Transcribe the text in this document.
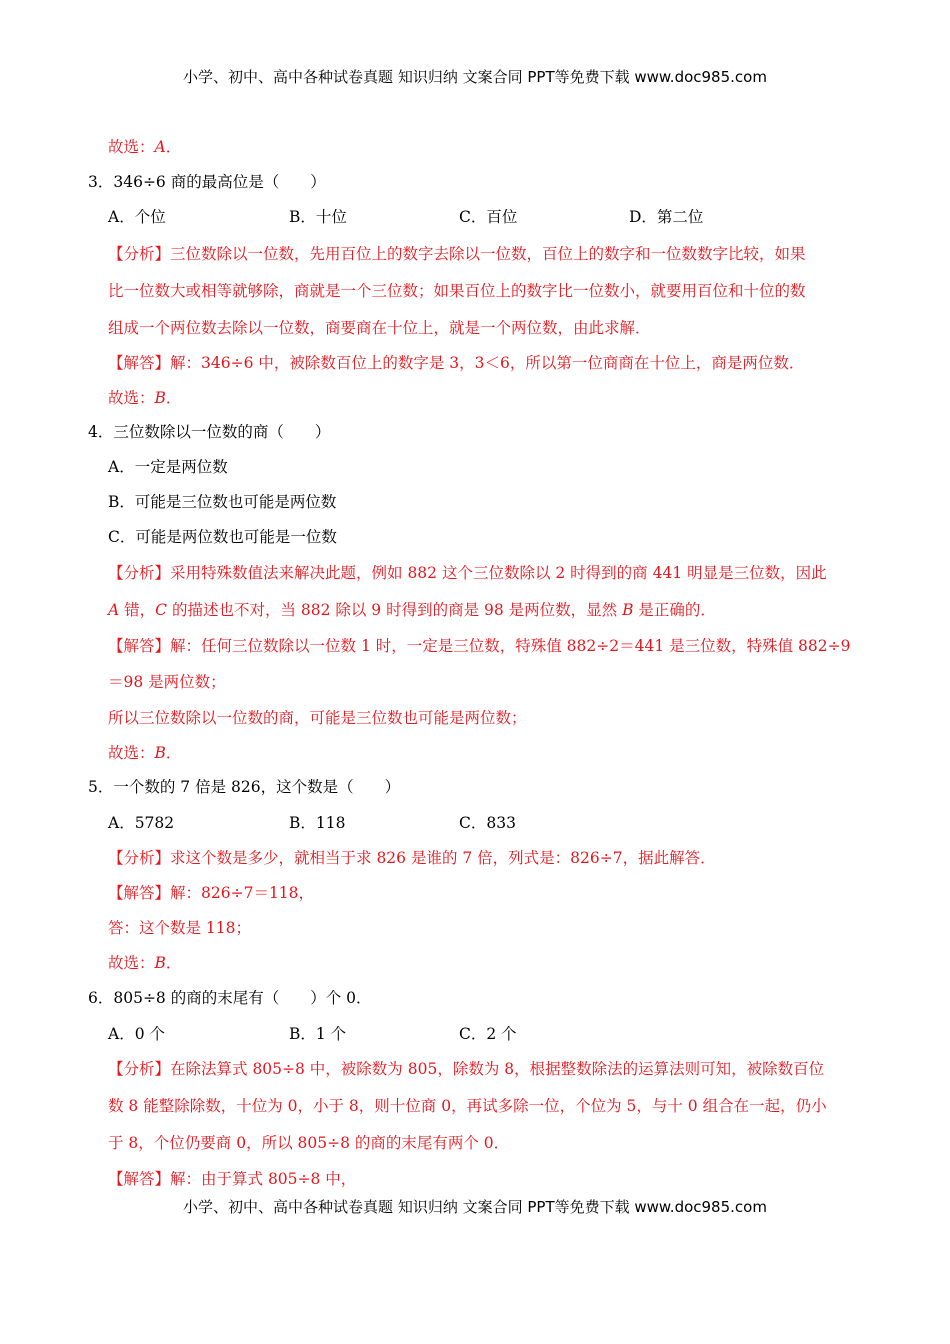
小学、初中、高中各种试卷真题 知识归纳 文案合同 PPT等免费下载 www.doc985.com
故选：A．
3．346÷6 商的最高位是（　　）
A．个位	B．十位	C．百位	D．第二位
【分析】三位数除以一位数，先用百位上的数字去除以一位数，百位上的数字和一位数数字比较，如果
比一位数大或相等就够除，商就是一个三位数；如果百位上的数字比一位数小，就要用百位和十位的数
组成一个两位数去除以一位数，商要商在十位上，就是一个两位数，由此求解．
【解答】解：346÷6 中，被除数百位上的数字是 3，3＜6，所以第一位商商在十位上，商是两位数．
故选：B．
4．三位数除以一位数的商（　　）
A．一定是两位数
B．可能是三位数也可能是两位数
C．可能是两位数也可能是一位数
【分析】采用特殊数值法来解决此题，例如 882 这个三位数除以 2 时得到的商 441 明显是三位数，因此
A 错，C 的描述也不对，当 882 除以 9 时得到的商是 98 是两位数，显然 B 是正确的．
【解答】解：任何三位数除以一位数 1 时，一定是三位数，特殊值 882÷2＝441 是三位数，特殊值 882÷9
＝98 是两位数；
所以三位数除以一位数的商，可能是三位数也可能是两位数；
故选：B．
5．一个数的 7 倍是 826，这个数是（　　）
A．5782	B．118	C．833
【分析】求这个数是多少，就相当于求 826 是谁的 7 倍，列式是：826÷7，据此解答．
【解答】解：826÷7＝118，
答：这个数是 118；
故选：B．
6．805÷8 的商的末尾有（　　）个 0．
A．0 个	B．1 个	C．2 个
【分析】在除法算式 805÷8 中，被除数为 805，除数为 8，根据整数除法的运算法则可知，被除数百位
数 8 能整除除数，十位为 0，小于 8，则十位商 0，再试多除一位，个位为 5，与十 0 组合在一起，仍小
于 8，个位仍要商 0，所以 805÷8 的商的末尾有两个 0．
【解答】解：由于算式 805÷8 中，
小学、初中、高中各种试卷真题 知识归纳 文案合同 PPT等免费下载 www.doc985.com
